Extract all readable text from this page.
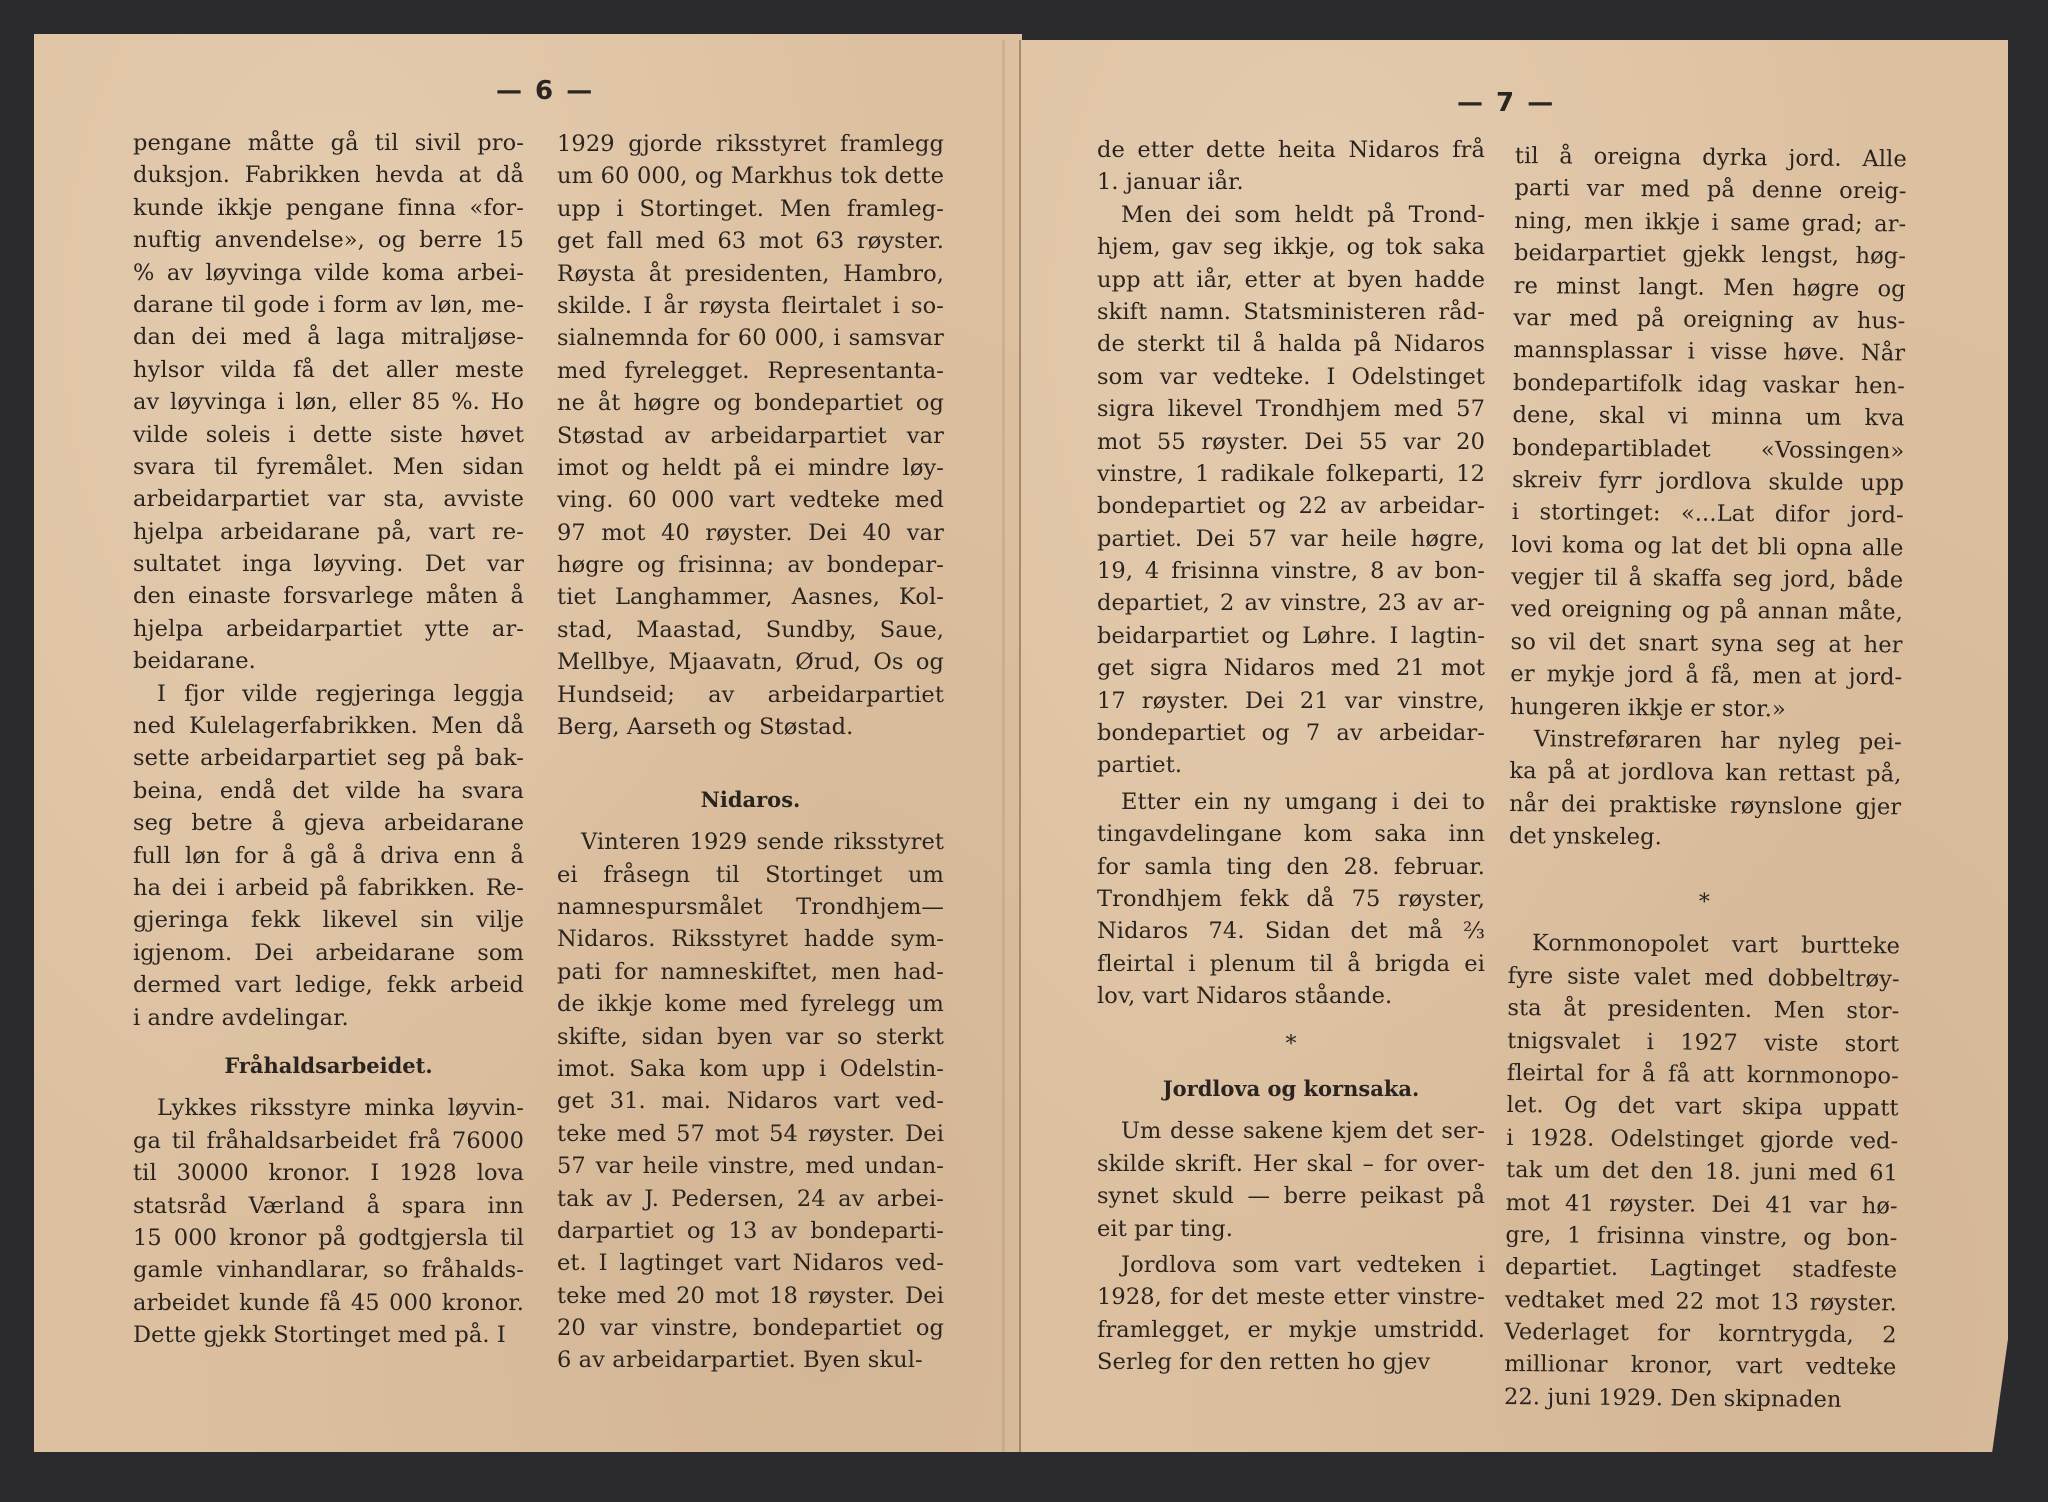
— 6 —	— 7 —
pengane måtte gå til sivil pro-
duksjon. Fabrikken hevda at då
kunde ikkje pengane finna «for-
nuftig anvendelse», og berre 15
% av løyvinga vilde koma arbei-
darane til gode i form av løn, me-
dan dei med å laga mitraljøse-
hylsor vilda få det aller meste
av løyvinga i løn, eller 85 %. Ho
vilde soleis i dette siste høvet
svara til fyremålet. Men sidan
arbeidarpartiet var sta, avviste
hjelpa arbeidarane på, vart re-
sultatet inga løyving. Det var
den einaste forsvarlege måten å
hjelpa arbeidarpartiet ytte ar-
beidarane.
I fjor vilde regjeringa leggja
ned Kulelagerfabrikken. Men då
sette arbeidarpartiet seg på bak-
beina, endå det vilde ha svara
seg betre å gjeva arbeidarane
full løn for å gå å driva enn å
ha dei i arbeid på fabrikken. Re-
gjeringa fekk likevel sin vilje
igjenom. Dei arbeidarane som
dermed vart ledige, fekk arbeid
i andre avdelingar.
Fråhaldsarbeidet.
Lykkes riksstyre minka løyvin-
ga til fråhaldsarbeidet frå 76000
til 30000 kronor. I 1928 lova
statsråd Værland å spara inn
15 000 kronor på godtgjersla til
gamle vinhandlarar, so fråhalds-
arbeidet kunde få 45 000 kronor.
Dette gjekk Stortinget med på. I
1929 gjorde riksstyret framlegg
um 60 000, og Markhus tok dette
upp i Stortinget. Men framleg-
get fall med 63 mot 63 røyster.
Røysta åt presidenten, Hambro,
skilde. I år røysta fleirtalet i so-
sialnemnda for 60 000, i samsvar
med fyrelegget. Representanta-
ne åt høgre og bondepartiet og
Støstad av arbeidarpartiet var
imot og heldt på ei mindre løy-
ving. 60 000 vart vedteke med
97 mot 40 røyster. Dei 40 var
høgre og frisinna; av bondepar-
tiet Langhammer, Aasnes, Kol-
stad, Maastad, Sundby, Saue,
Mellbye, Mjaavatn, Ørud, Os og
Hundseid; av arbeidarpartiet
Berg, Aarseth og Støstad.
Nidaros.
Vinteren 1929 sende riksstyret
ei fråsegn til Stortinget um
namnespursmålet Trondhjem—
Nidaros. Riksstyret hadde sym-
pati for namneskiftet, men had-
de ikkje kome med fyrelegg um
skifte, sidan byen var so sterkt
imot. Saka kom upp i Odelstin-
get 31. mai. Nidaros vart ved-
teke med 57 mot 54 røyster. Dei
57 var heile vinstre, med undan-
tak av J. Pedersen, 24 av arbei-
darpartiet og 13 av bondeparti-
et. I lagtinget vart Nidaros ved-
teke med 20 mot 18 røyster. Dei
20 var vinstre, bondepartiet og
6 av arbeidarpartiet. Byen skul-
de etter dette heita Nidaros frå
1. januar iår.
Men dei som heldt på Trond-
hjem, gav seg ikkje, og tok saka
upp att iår, etter at byen hadde
skift namn. Statsministeren råd-
de sterkt til å halda på Nidaros
som var vedteke. I Odelstinget
sigra likevel Trondhjem med 57
mot 55 røyster. Dei 55 var 20
vinstre, 1 radikale folkeparti, 12
bondepartiet og 22 av arbeidar-
partiet. Dei 57 var heile høgre,
19, 4 frisinna vinstre, 8 av bon-
departiet, 2 av vinstre, 23 av ar-
beidarpartiet og Løhre. I lagtin-
get sigra Nidaros med 21 mot
17 røyster. Dei 21 var vinstre,
bondepartiet og 7 av arbeidar-
partiet.
Etter ein ny umgang i dei to
tingavdelingane kom saka inn
for samla ting den 28. februar.
Trondhjem fekk då 75 røyster,
Nidaros 74. Sidan det må ⅔
fleirtal i plenum til å brigda ei
lov, vart Nidaros ståande.
*
Jordlova og kornsaka.
Um desse sakene kjem det ser-
skilde skrift. Her skal – for over-
synet skuld — berre peikast på
eit par ting.
Jordlova som vart vedteken i
1928, for det meste etter vinstre-
framlegget, er mykje umstridd.
Serleg for den retten ho gjev
til å oreigna dyrka jord. Alle
parti var med på denne oreig-
ning, men ikkje i same grad; ar-
beidarpartiet gjekk lengst, høg-
re minst langt. Men høgre og
var med på oreigning av hus-
mannsplassar i visse høve. Når
bondepartifolk idag vaskar hen-
dene, skal vi minna um kva
bondepartibladet «Vossingen»
skreiv fyrr jordlova skulde upp
i stortinget: «...Lat difor jord-
lovi koma og lat det bli opna alle
vegjer til å skaffa seg jord, både
ved oreigning og på annan måte,
so vil det snart syna seg at her
er mykje jord å få, men at jord-
hungeren ikkje er stor.»
Vinstreføraren har nyleg pei-
ka på at jordlova kan rettast på,
når dei praktiske røynslone gjer
det ynskeleg.
*
Kornmonopolet vart burtteke
fyre siste valet med dobbeltrøy-
sta åt presidenten. Men stor-
tnigsvalet i 1927 viste stort
fleirtal for å få att kornmonopo-
let. Og det vart skipa uppatt
i 1928. Odelstinget gjorde ved-
tak um det den 18. juni med 61
mot 41 røyster. Dei 41 var hø-
gre, 1 frisinna vinstre, og bon-
departiet. Lagtinget stadfeste
vedtaket med 22 mot 13 røyster.
Vederlaget for korntrygda, 2
millionar kronor, vart vedteke
22. juni 1929. Den skipnaden
